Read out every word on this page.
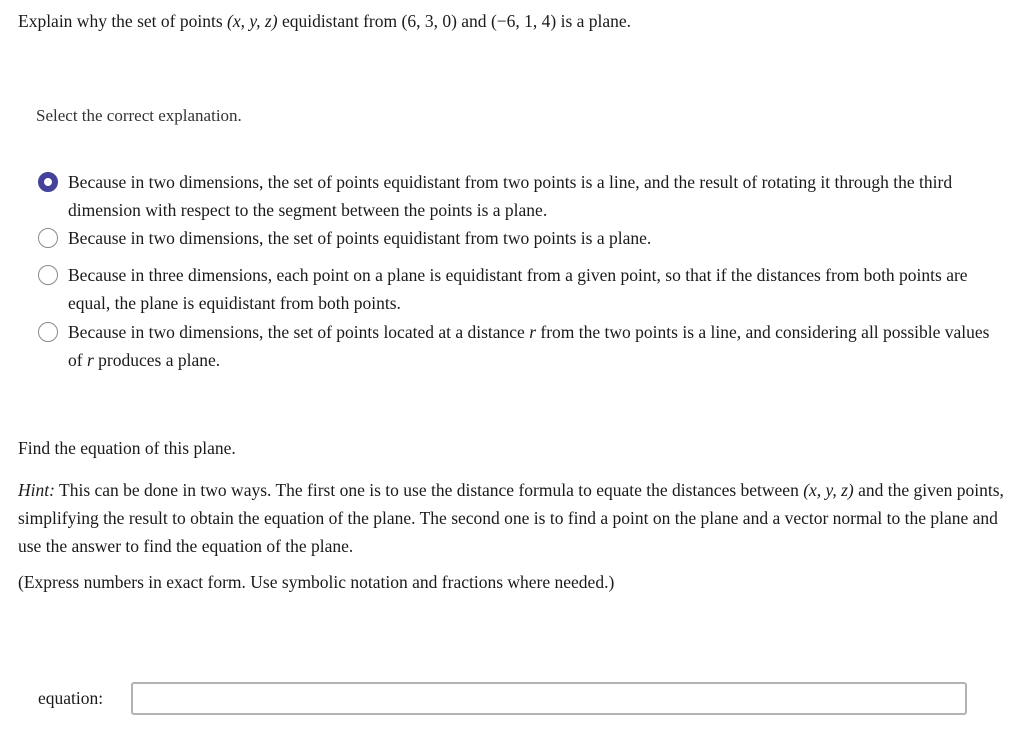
Explain why the set of points (x, y, z) equidistant from (6, 3, 0) and (−6, 1, 4) is a plane.
Select the correct explanation.
Because in two dimensions, the set of points equidistant from two points is a line, and the result of rotating it through the third dimension with respect to the segment between the points is a plane.
Because in two dimensions, the set of points equidistant from two points is a plane.
Because in three dimensions, each point on a plane is equidistant from a given point, so that if the distances from both points are equal, the plane is equidistant from both points.
Because in two dimensions, the set of points located at a distance r from the two points is a line, and considering all possible values of r produces a plane.
Find the equation of this plane.
Hint: This can be done in two ways. The first one is to use the distance formula to equate the distances between (x, y, z) and the given points, simplifying the result to obtain the equation of the plane. The second one is to find a point on the plane and a vector normal to the plane and use the answer to find the equation of the plane.
(Express numbers in exact form. Use symbolic notation and fractions where needed.)
equation:
